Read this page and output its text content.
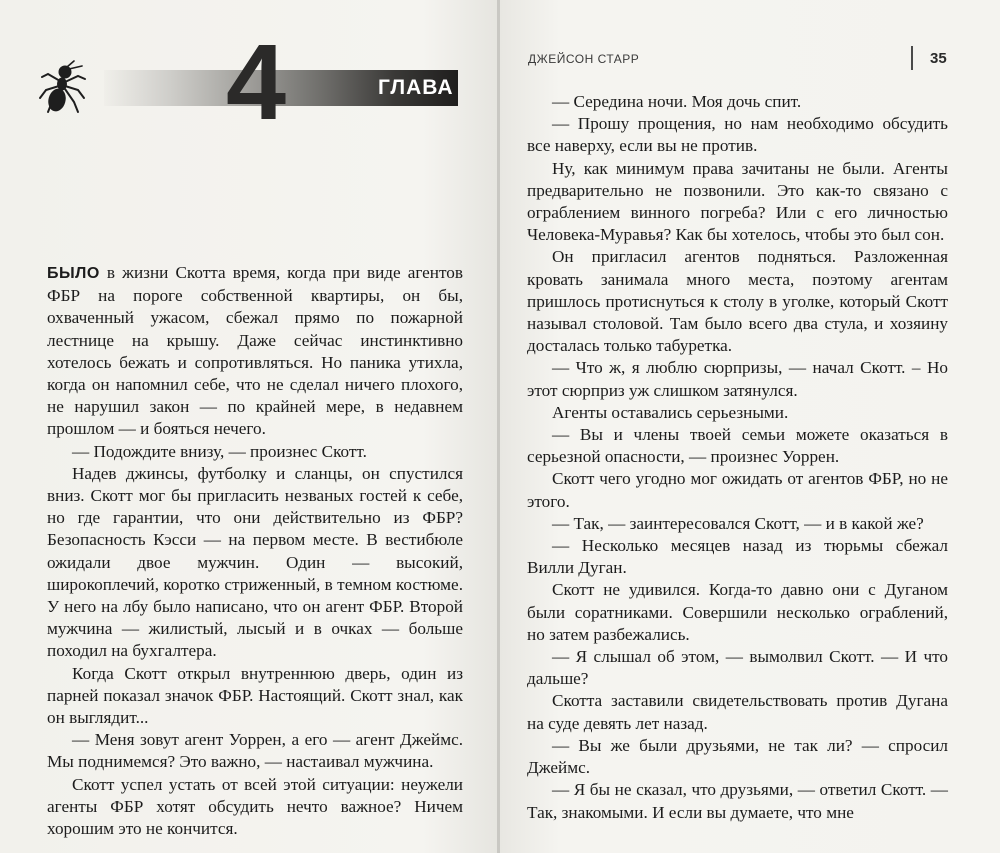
4	ГЛАВА

БЫЛО в жизни Скотта время, когда при виде агентов ФБР на пороге собственной квартиры, он бы, охваченный ужасом, сбежал прямо по пожарной лестнице на крышу. Даже сейчас инстинктивно хотелось бежать и сопротивляться. Но паника утихла, когда он напомнил себе, что не сделал ничего плохого, не нарушил закон — по крайней мере, в недавнем прошлом — и бояться нечего.

— Подождите внизу, — произнес Скотт.

Надев джинсы, футболку и сланцы, он спустился вниз. Скотт мог бы пригласить незваных гостей к себе, но где гарантии, что они действительно из ФБР? Безопасность Кэсси — на первом месте. В вестибюле ожидали двое мужчин. Один — высокий, широкоплечий, коротко стриженный, в темном костюме. У него на лбу было написано, что он агент ФБР. Второй мужчина — жилистый, лысый и в очках — больше походил на бухгалтера.

Когда Скотт открыл внутреннюю дверь, один из парней показал значок ФБР. Настоящий. Скотт знал, как он выглядит...

— Меня зовут агент Уоррен, а его — агент Джеймс. Мы поднимемся? Это важно, — настаивал мужчина.

Скотт успел устать от всей этой ситуации: неужели агенты ФБР хотят обсудить нечто важное? Ничем хорошим это не кончится.

ДЖЕЙСОН СТАРР	35

— Середина ночи. Моя дочь спит.

— Прошу прощения, но нам необходимо обсудить все наверху, если вы не против.

Ну, как минимум права зачитаны не были. Агенты предварительно не позвонили. Это как-то связано с ограблением винного погреба? Или с его личностью Человека-Муравья? Как бы хотелось, чтобы это был сон.

Он пригласил агентов подняться. Разложенная кровать занимала много места, поэтому агентам пришлось протиснуться к столу в уголке, который Скотт называл столовой. Там было всего два стула, и хозяину досталась только табуретка.

— Что ж, я люблю сюрпризы, — начал Скотт. – Но этот сюрприз уж слишком затянулся.

Агенты оставались серьезными.

— Вы и члены твоей семьи можете оказаться в серьезной опасности, — произнес Уоррен.

Скотт чего угодно мог ожидать от агентов ФБР, но не этого.

— Так, — заинтересовался Скотт, — и в какой же?

— Несколько месяцев назад из тюрьмы сбежал Вилли Дуган.

Скотт не удивился. Когда-то давно они с Дуганом были соратниками. Совершили несколько ограблений, но затем разбежались.

— Я слышал об этом, — вымолвил Скотт. — И что дальше?

Скотта заставили свидетельствовать против Дугана на суде девять лет назад.

— Вы же были друзьями, не так ли? — спросил Джеймс.

— Я бы не сказал, что друзьями, — ответил Скотт. — Так, знакомыми. И если вы думаете, что мне
